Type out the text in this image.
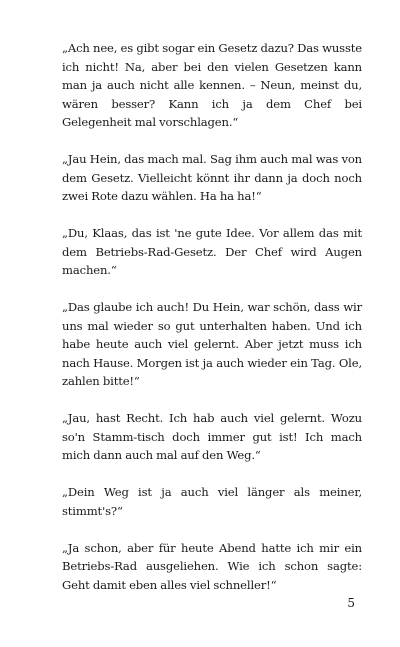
„Ach nee, es gibt sogar ein Gesetz dazu? Das wusste ich nicht! Na, aber bei den vielen Gesetzen kann man ja auch nicht alle kennen. – Neun, meinst du, wären besser? Kann ich ja dem Chef bei Gelegenheit mal vorschlagen.“

„Jau Hein, das mach mal. Sag ihm auch mal was von dem Gesetz. Vielleicht könnt ihr dann ja doch noch zwei Rote dazu wählen. Ha ha ha!“

„Du, Klaas, das ist 'ne gute Idee. Vor allem das mit dem Betriebs-Rad-Gesetz. Der Chef wird Augen machen.“

„Das glaube ich auch! Du Hein, war schön, dass wir uns mal wieder so gut unterhalten haben. Und ich habe heute auch viel gelernt. Aber jetzt muss ich nach Hause. Morgen ist ja auch wieder ein Tag. Ole, zahlen bitte!“

„Jau, hast Recht. Ich hab auch viel gelernt. Wozu so'n Stamm-tisch doch immer gut ist! Ich mach mich dann auch mal auf den Weg.“

„Dein Weg ist ja auch viel länger als meiner, stimmt's?“

„Ja schon, aber für heute Abend hatte ich mir ein Betriebs-Rad ausgeliehen. Wie ich schon sagte: Geht damit eben alles viel schneller!“

5
